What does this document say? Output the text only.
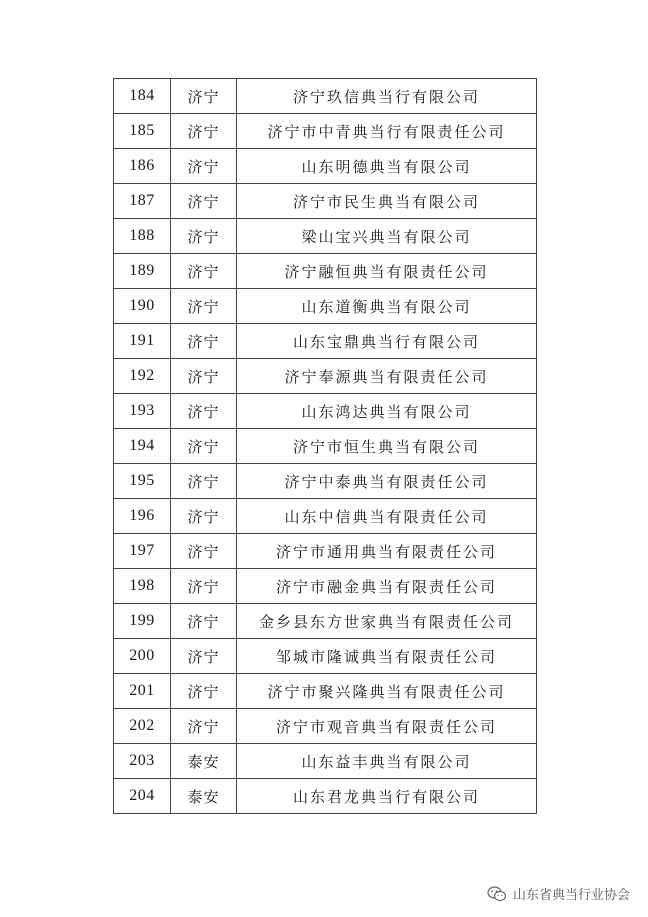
184	济宁	济宁玖信典当行有限公司
185	济宁	济宁市中青典当行有限责任公司
186	济宁	山东明德典当有限公司
187	济宁	济宁市民生典当有限公司
188	济宁	梁山宝兴典当有限公司
189	济宁	济宁融恒典当有限责任公司
190	济宁	山东道衡典当有限公司
191	济宁	山东宝鼎典当行有限公司
192	济宁	济宁奉源典当有限责任公司
193	济宁	山东鸿达典当有限公司
194	济宁	济宁市恒生典当有限公司
195	济宁	济宁中泰典当有限责任公司
196	济宁	山东中信典当有限责任公司
197	济宁	济宁市通用典当有限责任公司
198	济宁	济宁市融金典当有限责任公司
199	济宁	金乡县东方世家典当有限责任公司
200	济宁	邹城市隆诚典当有限责任公司
201	济宁	济宁市聚兴隆典当有限责任公司
202	济宁	济宁市观音典当有限责任公司
203	泰安	山东益丰典当有限公司
204	泰安	山东君龙典当行有限公司
山东省典当行业协会
